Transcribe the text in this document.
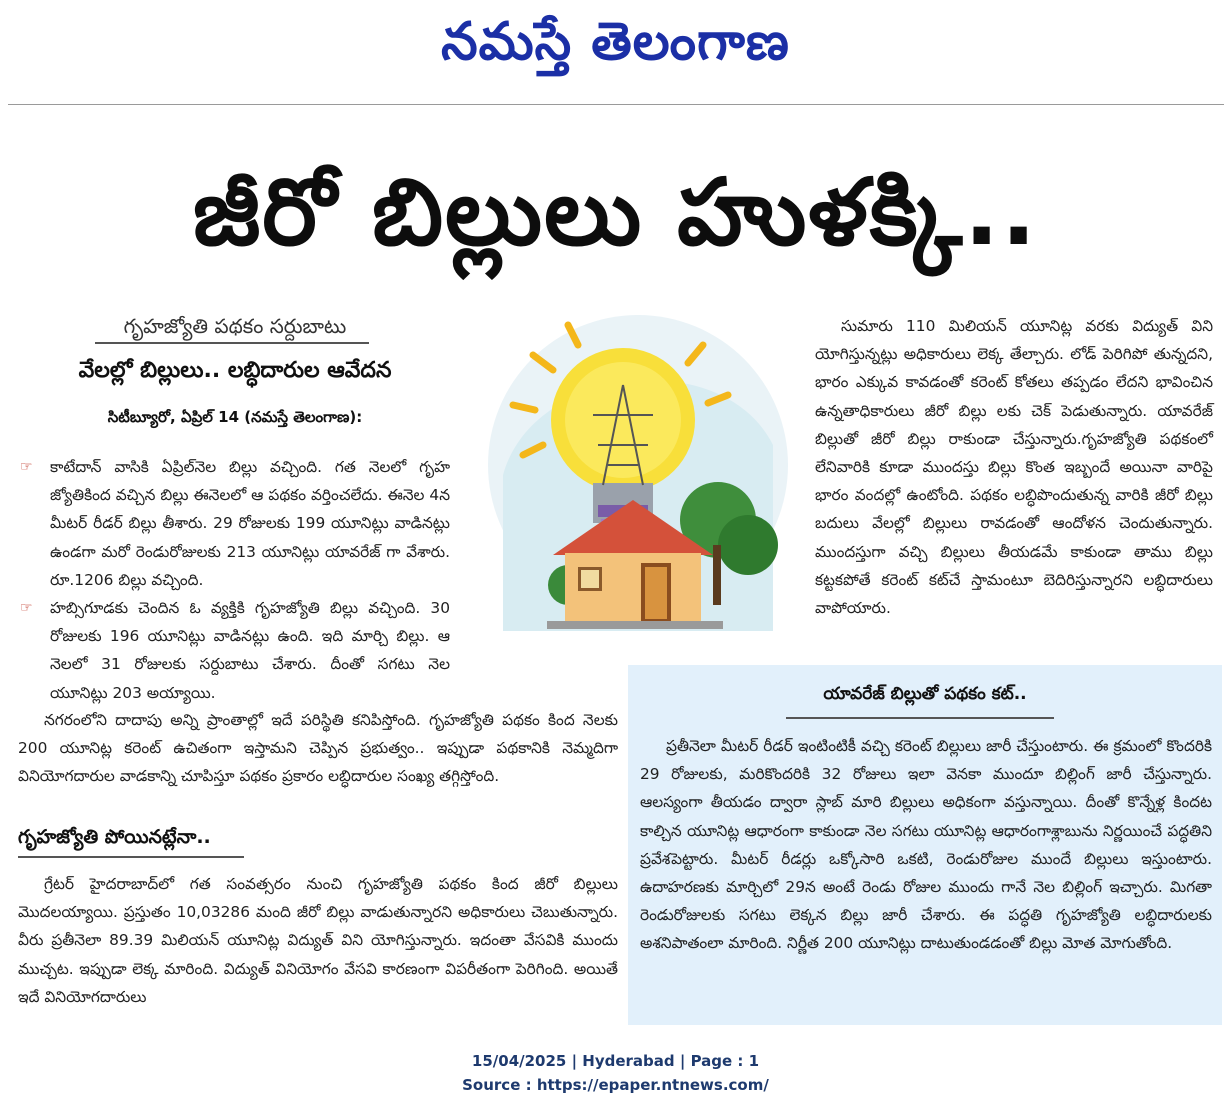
నమస్తే తెలంగాణ
జీరో బిల్లులు హుళక్కి..
గృహజ్యోతి పథకం సర్దుబాటు
వేలల్లో బిల్లులు.. లబ్ధిదారుల ఆవేదన
సిటీబ్యూరో, ఏప్రిల్ 14 (నమస్తే తెలంగాణ):

☞ కాటేదాన్ వాసికి ఏప్రిల్‌నెల బిల్లు వచ్చింది. గత నెలలో గృహ జ్యోతికింద వచ్చిన బిల్లు ఈనెలలో ఆ పథకం వర్తించలేదు. ఈనెల 4న మీటర్ రీడర్ బిల్లు తీశారు. 29 రోజులకు 199 యూనిట్లు వాడినట్లు ఉండగా మరో రెండురోజులకు 213 యూనిట్లు యావరేజ్ గా వేశారు. రూ.1206 బిల్లు వచ్చింది.

☞ హబ్సిగూడకు చెందిన ఓ వ్యక్తికి గృహజ్యోతి బిల్లు వచ్చింది. 30 రోజులకు 196 యూనిట్లు వాడినట్లు ఉంది. ఇది మార్చి బిల్లు. ఆ నెలలో 31 రోజులకు సర్దుబాటు చేశారు. దీంతో సగటు నెల యూనిట్లు 203 అయ్యాయి.

నగరంలోని దాదాపు అన్ని ప్రాంతాల్లో ఇదే పరిస్థితి కనిపిస్తోంది. గృహజ్యోతి పథకం కింద నెలకు 200 యూనిట్ల కరెంట్ ఉచితంగా ఇస్తామని చెప్పిన ప్రభుత్వం.. ఇప్పుడా పథకానికి నెమ్మదిగా వినియోగదారుల వాడకాన్ని చూపిస్తూ పథకం ప్రకారం లబ్ధిదారుల సంఖ్య తగ్గిస్తోంది.
గృహజ్యోతి పోయినట్లేనా..
గ్రేటర్ హైదరాబాద్‌లో గత సంవత్సరం నుంచి గృహజ్యోతి పథకం కింద జీరో బిల్లులు మొదలయ్యాయి. ప్రస్తుతం 10,03286 మంది జీరో బిల్లు వాడుతున్నారని అధికారులు చెబుతున్నారు. వీరు ప్రతీనెలా 89.39 మిలియన్ యూనిట్ల విద్యుత్ విని యోగిస్తున్నారు. ఇదంతా వేసవికి ముందు ముచ్చట. ఇప్పుడా లెక్క మారింది. విద్యుత్ వినియోగం వేసవి కారణంగా విపరీతంగా పెరిగింది. అయితే ఇదే వినియోగదారులు
సుమారు 110 మిలియన్ యూనిట్ల వరకు విద్యుత్ విని యోగిస్తున్నట్లు అధికారులు లెక్క తేల్చారు. లోడ్ పెరిగిపో తున్నదని, భారం ఎక్కువ కావడంతో కరెంట్ కోతలు తప్పడం లేదని భావించిన ఉన్నతాధికారులు జీరో బిల్లు లకు చెక్ పెడుతున్నారు. యావరేజ్ బిల్లుతో జీరో బిల్లు రాకుండా చేస్తున్నారు.గృహజ్యోతి పథకంలో లేనివారికి కూడా ముందస్తు బిల్లు కొంత ఇబ్బందే అయినా వారిపై భారం వందల్లో ఉంటోంది. పథకం లబ్ధిపొందుతున్న వారికి జీరో బిల్లు బదులు వేలల్లో బిల్లులు రావడంతో ఆందోళన చెందుతున్నారు. ముందస్తుగా వచ్చి బిల్లులు తీయడమే కాకుండా తాము బిల్లు కట్టకపోతే కరెంట్ కట్‌చే స్తామంటూ బెదిరిస్తున్నారని లబ్ధిదారులు వాపోయారు.
యావరేజ్ బిల్లుతో పథకం కట్..
ప్రతీనెలా మీటర్ రీడర్ ఇంటింటికీ వచ్చి కరెంట్ బిల్లులు జారీ చేస్తుంటారు. ఈ క్రమంలో కొందరికి 29 రోజులకు, మరికొందరికి 32 రోజులు ఇలా వెనకా ముందూ బిల్లింగ్ జారీ చేస్తున్నారు. ఆలస్యంగా తీయడం ద్వారా స్లాబ్ మారి బిల్లులు అధికంగా వస్తున్నాయి. దీంతో కొన్నేళ్ల కిందట కాల్చిన యూనిట్ల ఆధారంగా కాకుండా నెల సగటు యూనిట్ల ఆధారంగాశ్లాబును నిర్ణయించే పద్ధతిని ప్రవేశపెట్టారు. మీటర్ రీడర్లు ఒక్కోసారి ఒకటి, రెండురోజుల ముందే బిల్లులు ఇస్తుంటారు. ఉదాహరణకు మార్చిలో 29న అంటే రెండు రోజుల ముందు గానే నెల బిల్లింగ్ ఇచ్చారు. మిగతా రెండురోజులకు సగటు లెక్కన బిల్లు జారీ చేశారు. ఈ పద్ధతి గృహజ్యోతి లబ్ధిదారులకు అశనిపాతంలా మారింది. నిర్ణీత 200 యూనిట్లు దాటుతుండడంతో బిల్లు మోత మోగుతోంది.
15/04/2025 | Hyderabad | Page : 1
Source : https://epaper.ntnews.com/
